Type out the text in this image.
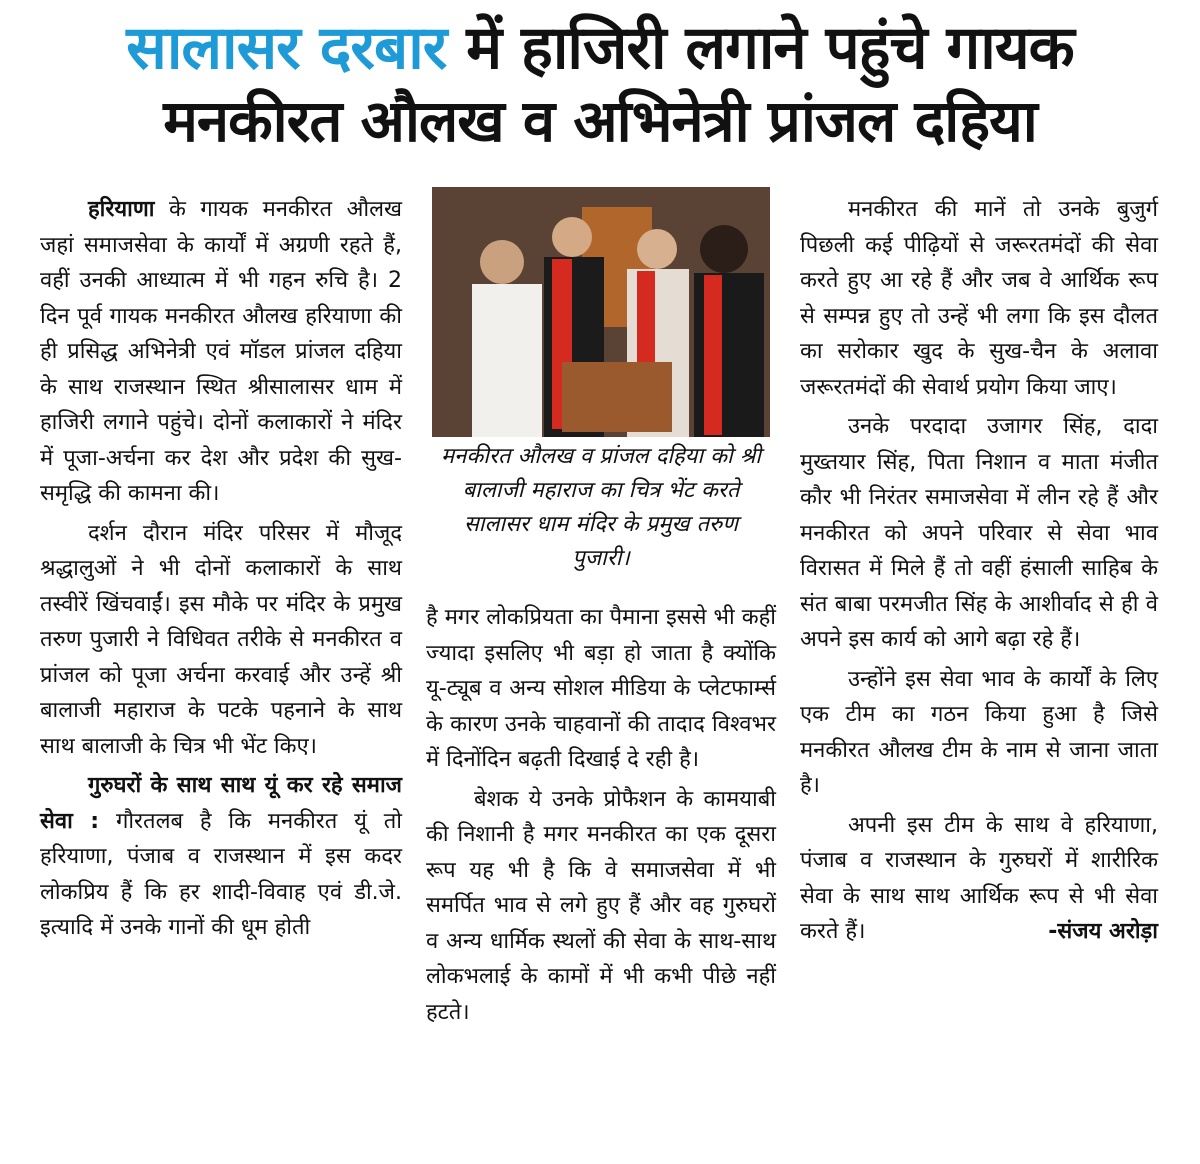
सालासर दरबार में हाजिरी लगाने पहुंचे गायक
मनकीरत औलख व अभिनेत्री प्रांजल दहिया

हरियाणा के गायक मनकीरत औलख जहां समाजसेवा के कार्यों में अग्रणी रहते हैं, वहीं उनकी आध्यात्म में भी गहन रुचि है। 2 दिन पूर्व गायक मनकीरत औलख हरियाणा की ही प्रसिद्ध अभिनेत्री एवं मॉडल प्रांजल दहिया के साथ राजस्थान स्थित श्रीसालासर धाम में हाजिरी लगाने पहुंचे। दोनों कलाकारों ने मंदिर में पूजा-अर्चना कर देश और प्रदेश की सुख-समृद्धि की कामना की।

दर्शन दौरान मंदिर परिसर में मौजूद श्रद्धालुओं ने भी दोनों कलाकारों के साथ तस्वीरें खिंचवाईं। इस मौके पर मंदिर के प्रमुख तरुण पुजारी ने विधिवत तरीके से मनकीरत व प्रांजल को पूजा अर्चना करवाई और उन्हें श्री बालाजी महाराज के पटके पहनाने के साथ साथ बालाजी के चित्र भी भेंट किए।

गुरुघरों के साथ साथ यूं कर रहे समाज सेवा : गौरतलब है कि मनकीरत यूं तो हरियाणा, पंजाब व राजस्थान में इस कदर लोकप्रिय हैं कि हर शादी-विवाह एवं डी.जे. इत्यादि में उनके गानों की धूम होती

मनकीरत औलख व प्रांजल दहिया को श्री बालाजी महाराज का चित्र भेंट करते सालासर धाम मंदिर के प्रमुख तरुण पुजारी।

है मगर लोकप्रियता का पैमाना इससे भी कहीं ज्यादा इसलिए भी बड़ा हो जाता है क्योंकि यू-ट्यूब व अन्य सोशल मीडिया के प्लेटफार्म्स के कारण उनके चाहवानों की तादाद विश्वभर में दिनोंदिन बढ़ती दिखाई दे रही है।

बेशक ये उनके प्रोफैशन के कामयाबी की निशानी है मगर मनकीरत का एक दूसरा रूप यह भी है कि वे समाजसेवा में भी समर्पित भाव से लगे हुए हैं और वह गुरुघरों व अन्य धार्मिक स्थलों की सेवा के साथ-साथ लोकभलाई के कामों में भी कभी पीछे नहीं हटते।

मनकीरत की मानें तो उनके बुजुर्ग पिछली कई पीढ़ियों से जरूरतमंदों की सेवा करते हुए आ रहे हैं और जब वे आर्थिक रूप से सम्पन्न हुए तो उन्हें भी लगा कि इस दौलत का सरोकार खुद के सुख-चैन के अलावा जरूरतमंदों की सेवार्थ प्रयोग किया जाए।

उनके परदादा उजागर सिंह, दादा मुख्तयार सिंह, पिता निशान व माता मंजीत कौर भी निरंतर समाजसेवा में लीन रहे हैं और मनकीरत को अपने परिवार से सेवा भाव विरासत में मिले हैं तो वहीं हंसाली साहिब के संत बाबा परमजीत सिंह के आशीर्वाद से ही वे अपने इस कार्य को आगे बढ़ा रहे हैं।

उन्होंने इस सेवा भाव के कार्यों के लिए एक टीम का गठन किया हुआ है जिसे मनकीरत औलख टीम के नाम से जाना जाता है।

अपनी इस टीम के साथ वे हरियाणा, पंजाब व राजस्थान के गुरुघरों में शारीरिक सेवा के साथ साथ आर्थिक रूप से भी सेवा करते हैं।	-संजय अरोड़ा
